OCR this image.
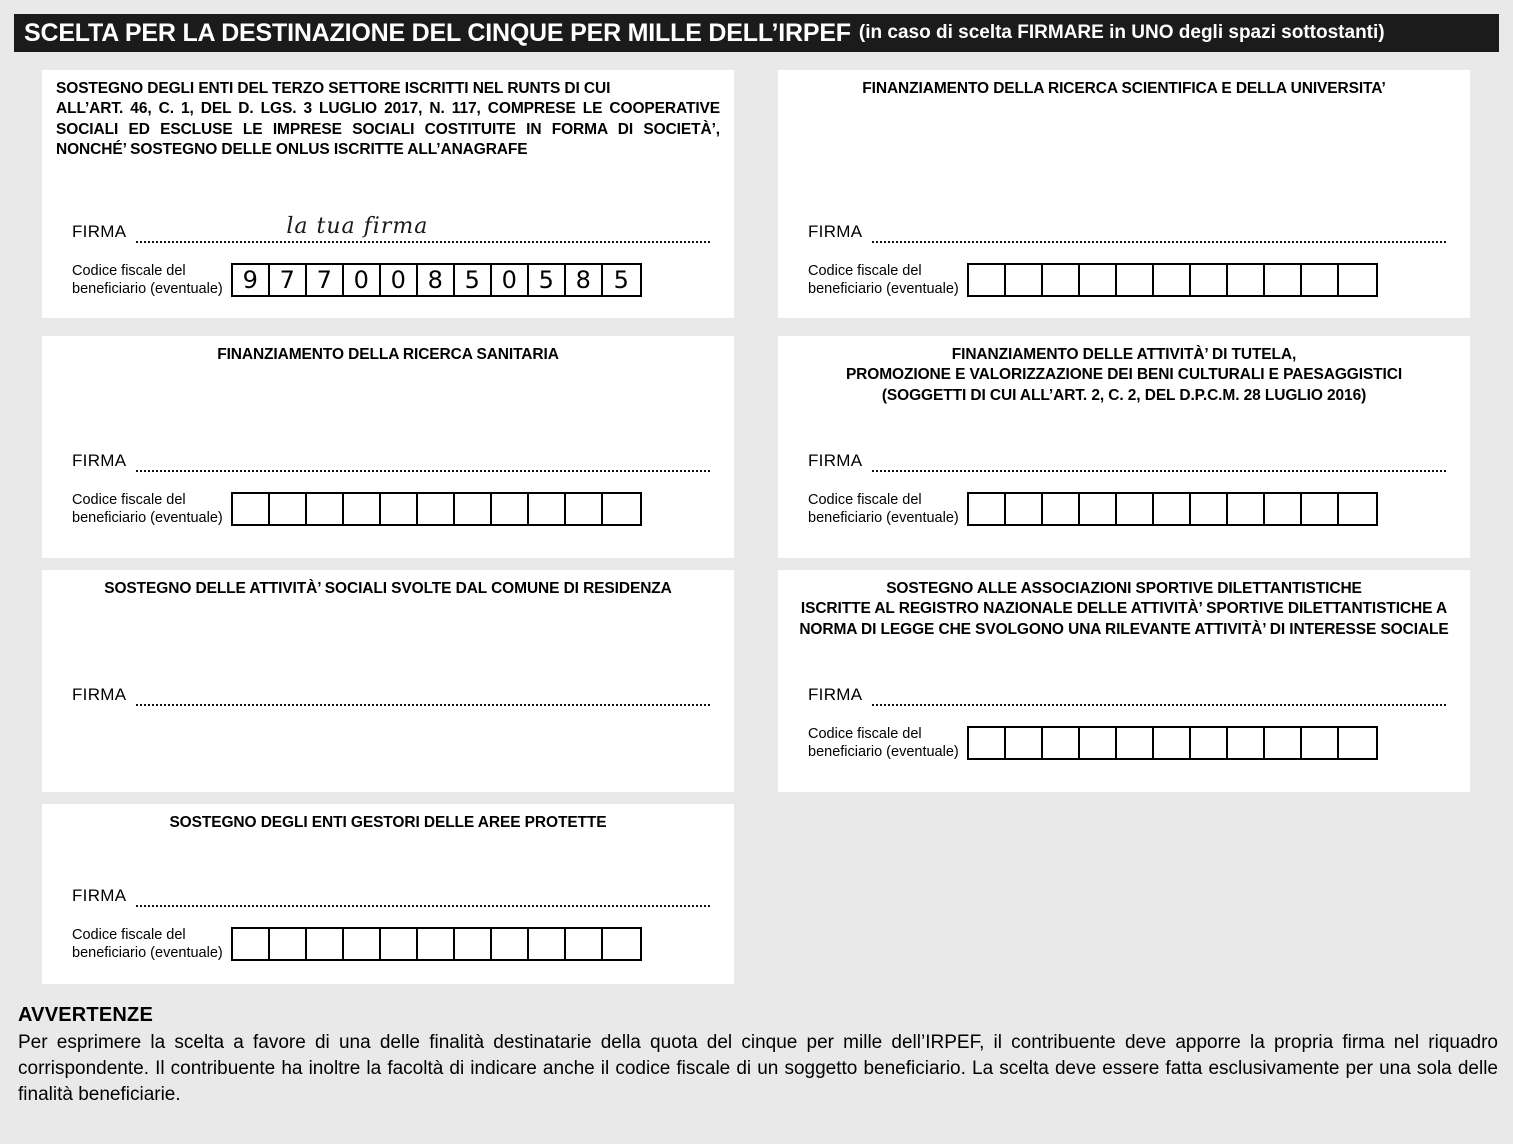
SCELTA PER LA DESTINAZIONE DEL CINQUE PER MILLE DELL’IRPEF (in caso di scelta FIRMARE in UNO degli spazi sottostanti)
SOSTEGNO DEGLI ENTI DEL TERZO SETTORE ISCRITTI NEL RUNTS DI CUI
ALL’ART. 46, C. 1, DEL D. LGS. 3 LUGLIO 2017, N. 117, COMPRESE LE COOPERATIVE SOCIALI ED ESCLUSE LE IMPRESE SOCIALI COSTITUITE IN FORMA DI SOCIETÀ’, NONCHÉ’ SOSTEGNO DELLE ONLUS ISCRITTE ALL’ANAGRAFE
FIRMA	la tua firma
Codice fiscale del
beneficiario (eventuale) 9 7 7 0 0 8 5 0 5 8 5
FINANZIAMENTO DELLA RICERCA SCIENTIFICA E DELLA UNIVERSITA’
FIRMA
Codice fiscale del
beneficiario (eventuale)
FINANZIAMENTO DELLA RICERCA SANITARIA
FIRMA
Codice fiscale del
beneficiario (eventuale)
FINANZIAMENTO DELLE ATTIVITÀ’ DI TUTELA,
PROMOZIONE E VALORIZZAZIONE DEI BENI CULTURALI E PAESAGGISTICI
(SOGGETTI DI CUI ALL’ART. 2, C. 2, DEL D.P.C.M. 28 LUGLIO 2016)
FIRMA
Codice fiscale del
beneficiario (eventuale)
SOSTEGNO DELLE ATTIVITÀ’ SOCIALI SVOLTE DAL COMUNE DI RESIDENZA
FIRMA
SOSTEGNO ALLE ASSOCIAZIONI SPORTIVE DILETTANTISTICHE
ISCRITTE AL REGISTRO NAZIONALE DELLE ATTIVITÀ’ SPORTIVE DILETTANTISTICHE A
NORMA DI LEGGE CHE SVOLGONO UNA RILEVANTE ATTIVITÀ’ DI INTERESSE SOCIALE
FIRMA
Codice fiscale del
beneficiario (eventuale)
SOSTEGNO DEGLI ENTI GESTORI DELLE AREE PROTETTE
FIRMA
Codice fiscale del
beneficiario (eventuale)
AVVERTENZE
Per esprimere la scelta a favore di una delle finalità destinatarie della quota del cinque per mille dell’IRPEF, il contribuente deve apporre la propria firma nel riquadro corrispondente. Il contribuente ha inoltre la facoltà di indicare anche il codice fiscale di un soggetto beneficiario. La scelta deve essere fatta esclusivamente per una sola delle finalità beneficiarie.
